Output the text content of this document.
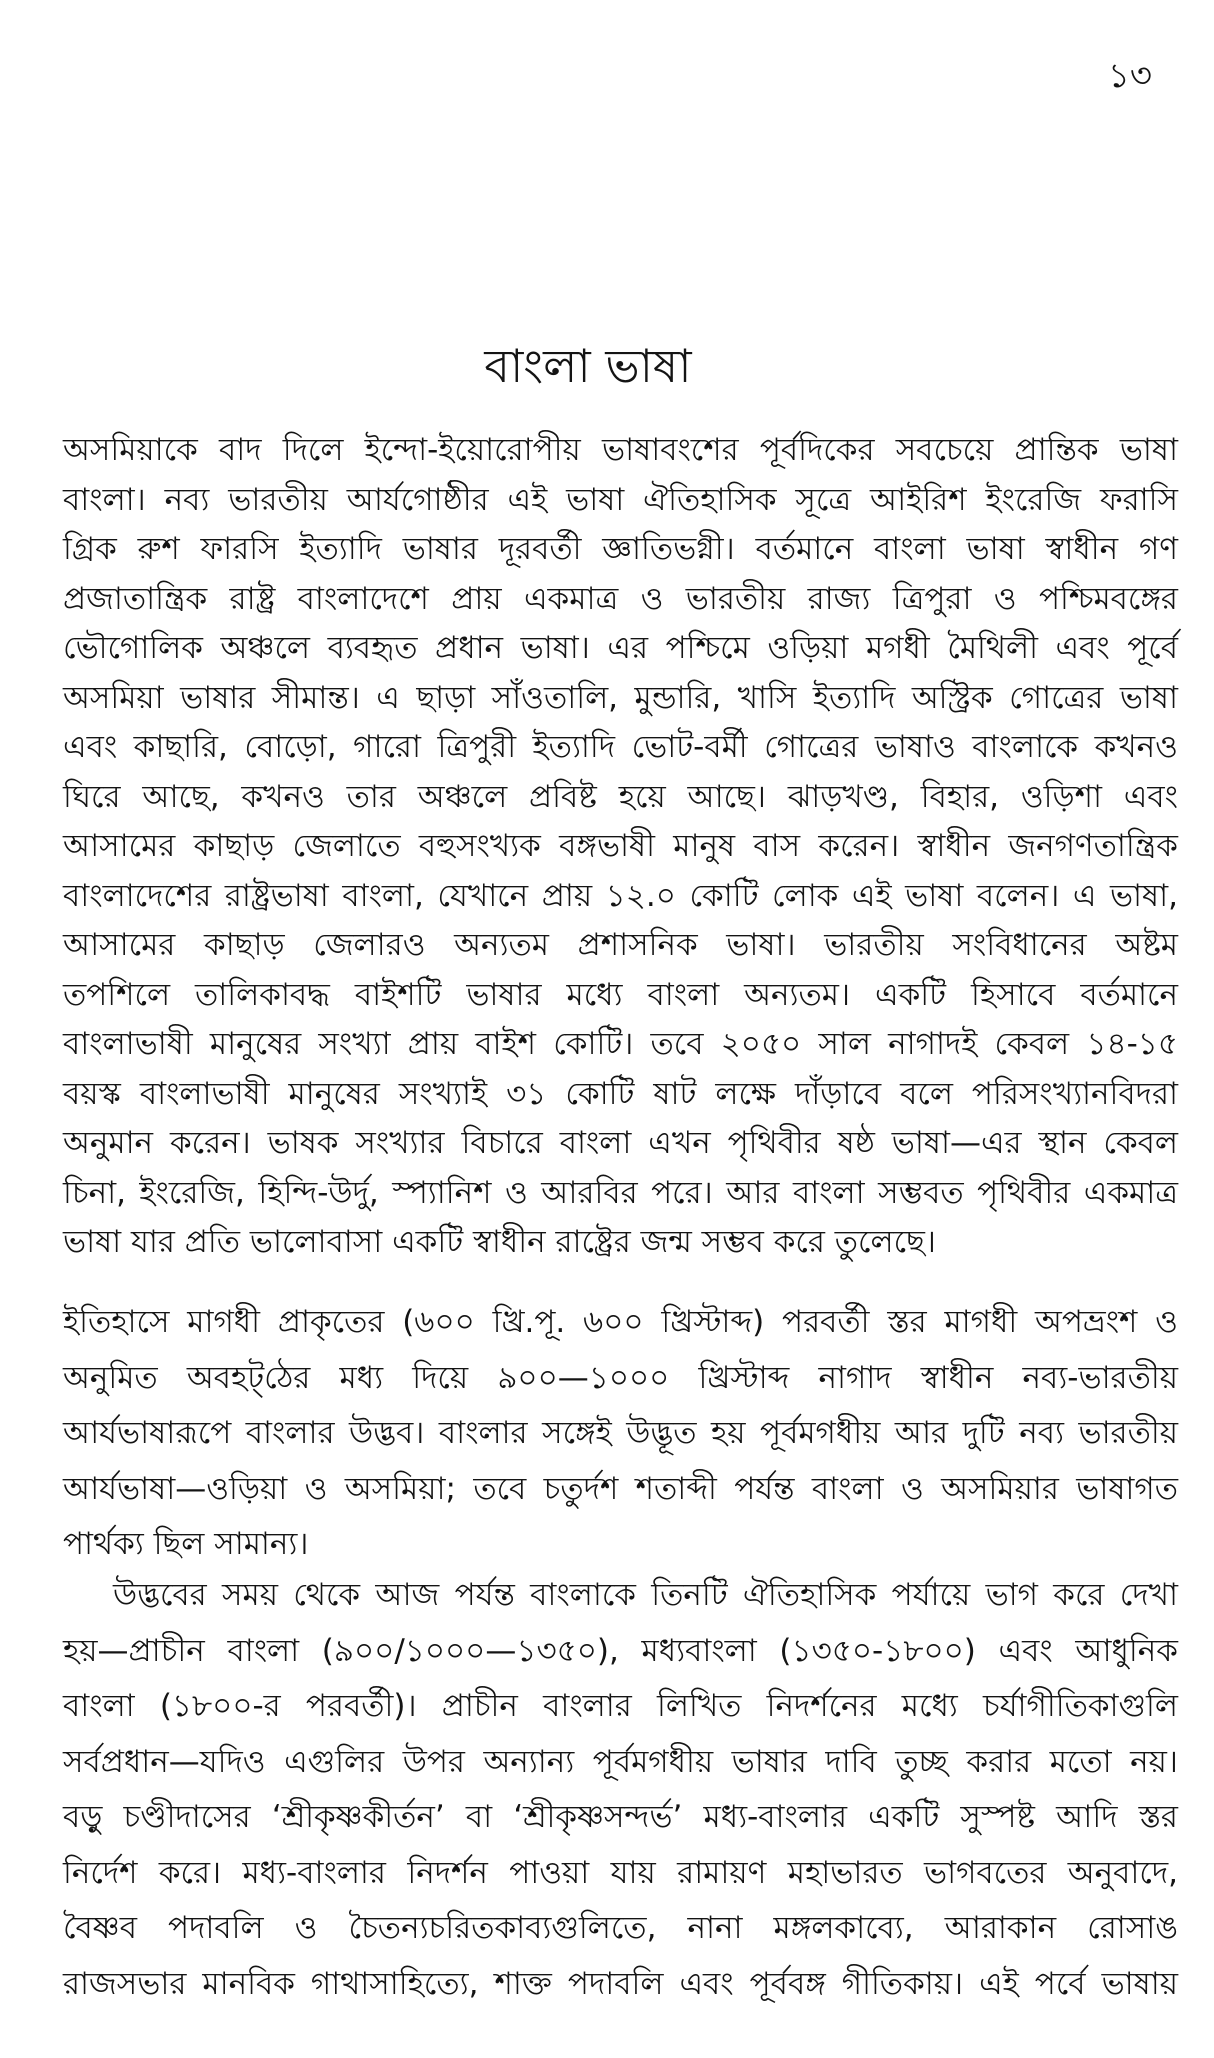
১৩
বাংলা ভাষা
অসমিয়াকে বাদ দিলে ইন্দো-ইয়োরোপীয় ভাষাবংশের পূর্বদিকের সবচেয়ে প্রান্তিক ভাষা
বাংলা। নব্য ভারতীয় আর্যগোষ্ঠীর এই ভাষা ঐতিহাসিক সূত্রে আইরিশ ইংরেজি ফরাসি
গ্রিক রুশ ফারসি ইত্যাদি ভাষার দূরবর্তী জ্ঞাতিভগ্নী। বর্তমানে বাংলা ভাষা স্বাধীন গণ
প্রজাতান্ত্রিক রাষ্ট্র বাংলাদেশে প্রায় একমাত্র ও ভারতীয় রাজ্য ত্রিপুরা ও পশ্চিমবঙ্গের
ভৌগোলিক অঞ্চলে ব্যবহৃত প্রধান ভাষা। এর পশ্চিমে ওড়িয়া মগধী মৈথিলী এবং পূর্বে
অসমিয়া ভাষার সীমান্ত। এ ছাড়া সাঁওতালি, মুন্ডারি, খাসি ইত্যাদি অস্ট্রিক গোত্রের ভাষা
এবং কাছারি, বোড়ো, গারো ত্রিপুরী ইত্যাদি ভোট-বর্মী গোত্রের ভাষাও বাংলাকে কখনও
ঘিরে আছে, কখনও তার অঞ্চলে প্রবিষ্ট হয়ে আছে। ঝাড়খণ্ড, বিহার, ওড়িশা এবং
আসামের কাছাড় জেলাতে বহুসংখ্যক বঙ্গভাষী মানুষ বাস করেন। স্বাধীন জনগণতান্ত্রিক
বাংলাদেশের রাষ্ট্রভাষা বাংলা, যেখানে প্রায় ১২.০ কোটি লোক এই ভাষা বলেন। এ ভাষা,
আসামের কাছাড় জেলারও অন্যতম প্রশাসনিক ভাষা। ভারতীয় সংবিধানের অষ্টম
তপশিলে তালিকাবদ্ধ বাইশটি ভাষার মধ্যে বাংলা অন্যতম। একটি হিসাবে বর্তমানে
বাংলাভাষী মানুষের সংখ্যা প্রায় বাইশ কোটি। তবে ২০৫০ সাল নাগাদই কেবল ১৪-১৫
বয়স্ক বাংলাভাষী মানুষের সংখ্যাই ৩১ কোটি ষাট লক্ষে দাঁড়াবে বলে পরিসংখ্যানবিদরা
অনুমান করেন। ভাষক সংখ্যার বিচারে বাংলা এখন পৃথিবীর ষষ্ঠ ভাষা—এর স্থান কেবল
চিনা, ইংরেজি, হিন্দি-উর্দু, স্প্যানিশ ও আরবির পরে। আর বাংলা সম্ভবত পৃথিবীর একমাত্র
ভাষা যার প্রতি ভালোবাসা একটি স্বাধীন রাষ্ট্রের জন্ম সম্ভব করে তুলেছে।
ইতিহাসে মাগধী প্রাকৃতের (৬০০ খ্রি.পূ. ৬০০ খ্রিস্টাব্দ) পরবর্তী স্তর মাগধী অপভ্রংশ ও
অনুমিত অবহট্‌ঠের মধ্য দিয়ে ৯০০—১০০০ খ্রিস্টাব্দ নাগাদ স্বাধীন নব্য-ভারতীয়
আর্যভাষারূপে বাংলার উদ্ভব। বাংলার সঙ্গেই উদ্ভূত হয় পূর্বমগধীয় আর দুটি নব্য ভারতীয়
আর্যভাষা—ওড়িয়া ও অসমিয়া; তবে চতুর্দশ শতাব্দী পর্যন্ত বাংলা ও অসমিয়ার ভাষাগত
পার্থক্য ছিল সামান্য।
উদ্ভবের সময় থেকে আজ পর্যন্ত বাংলাকে তিনটি ঐতিহাসিক পর্যায়ে ভাগ করে দেখা
হয়—প্রাচীন বাংলা (৯০০/১০০০—১৩৫০), মধ্যবাংলা (১৩৫০-১৮০০) এবং আধুনিক
বাংলা (১৮০০-র পরবর্তী)। প্রাচীন বাংলার লিখিত নিদর্শনের মধ্যে চর্যাগীতিকাগুলি
সর্বপ্রধান—যদিও এগুলির উপর অন্যান্য পূর্বমগধীয় ভাষার দাবি তুচ্ছ করার মতো নয়।
বড়ু চণ্ডীদাসের ‘শ্রীকৃষ্ণকীর্তন’ বা ‘শ্রীকৃষ্ণসন্দর্ভ’ মধ্য-বাংলার একটি সুস্পষ্ট আদি স্তর
নির্দেশ করে। মধ্য-বাংলার নিদর্শন পাওয়া যায় রামায়ণ মহাভারত ভাগবতের অনুবাদে,
বৈষ্ণব পদাবলি ও চৈতন্যচরিতকাব্যগুলিতে, নানা মঙ্গলকাব্যে, আরাকান রোসাঙ
রাজসভার মানবিক গাথাসাহিত্যে, শাক্ত পদাবলি এবং পূর্ববঙ্গ গীতিকায়। এই পর্বে ভাষায়
